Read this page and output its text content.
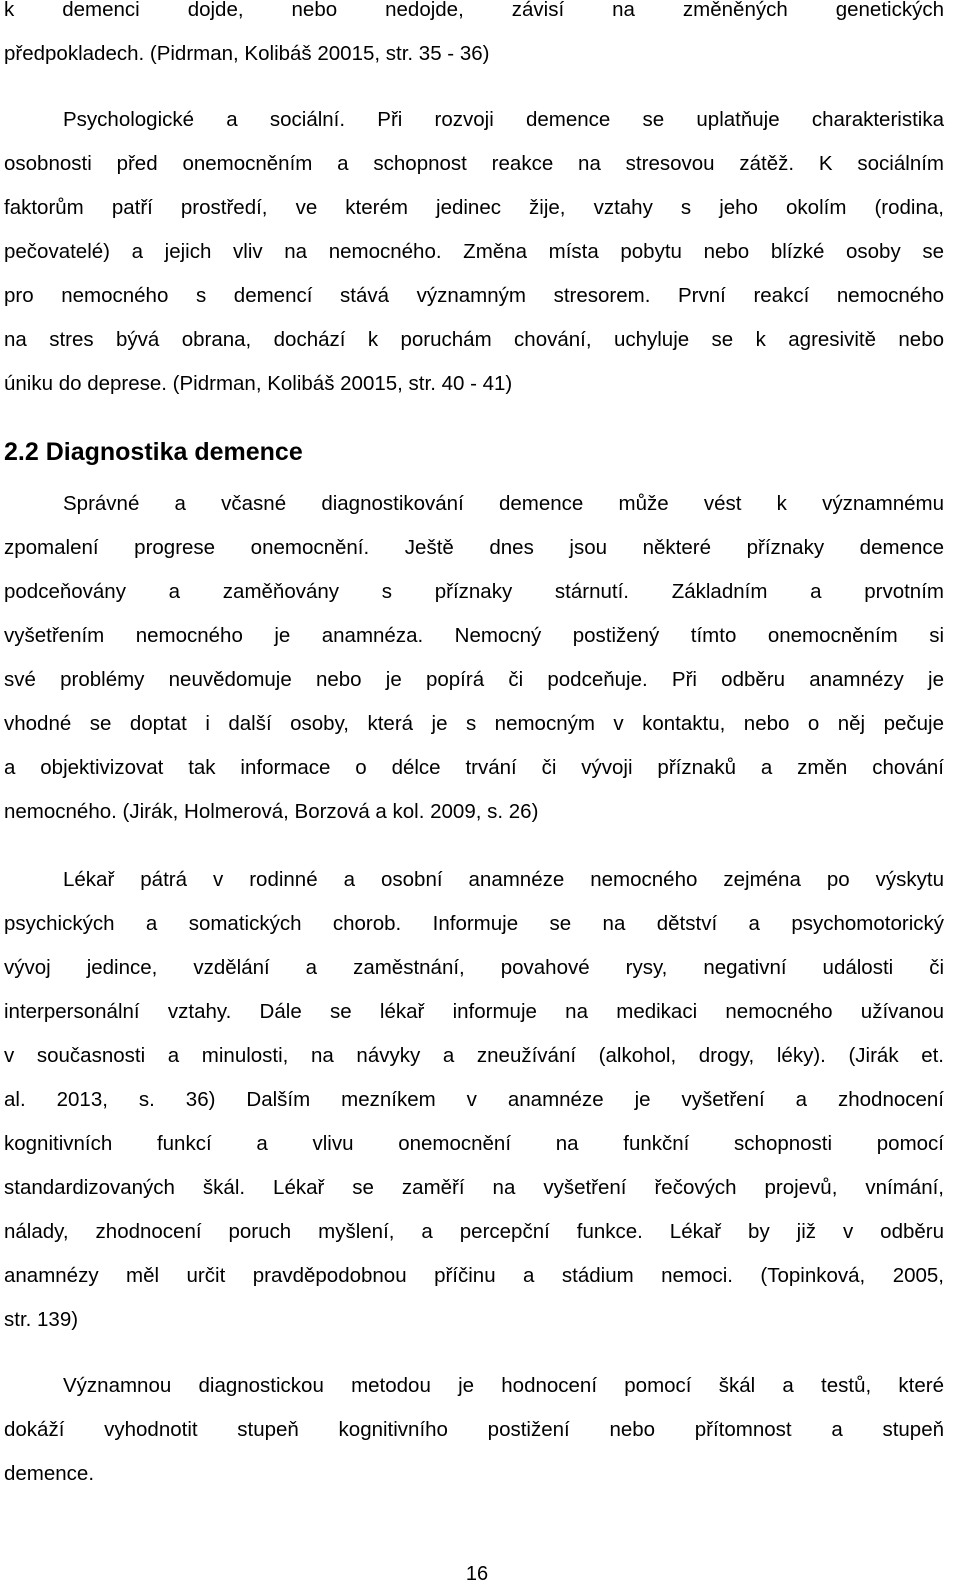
k demenci dojde, nebo nedojde, závisí na změněných genetických
předpokladech. (Pidrman, Kolibáš 20015, str. 35 - 36)
Psychologické a sociální. Při rozvoji demence se uplatňuje charakteristika
osobnosti před onemocněním a schopnost reakce na stresovou zátěž. K sociálním
faktorům patří prostředí, ve kterém jedinec žije, vztahy s jeho okolím (rodina,
pečovatelé) a jejich vliv na nemocného. Změna místa pobytu nebo blízké osoby se
pro nemocného s demencí stává významným stresorem. První reakcí nemocného
na stres bývá obrana, dochází k poruchám chování, uchyluje se k agresivitě nebo
úniku do deprese. (Pidrman, Kolibáš 20015, str. 40 - 41)
2.2 Diagnostika demence
Správné a včasné diagnostikování demence může vést k významnému
zpomalení progrese onemocnění. Ještě dnes jsou některé příznaky demence
podceňovány a zaměňovány s příznaky stárnutí. Základním a prvotním
vyšetřením nemocného je anamnéza. Nemocný postižený tímto onemocněním si
své problémy neuvědomuje nebo je popírá či podceňuje. Při odběru anamnézy je
vhodné se doptat i další osoby, která je s nemocným v kontaktu, nebo o něj pečuje
a objektivizovat tak informace o délce trvání či vývoji příznaků a změn chování
nemocného. (Jirák, Holmerová, Borzová a kol. 2009, s. 26)
Lékař pátrá v rodinné a osobní anamnéze nemocného zejména po výskytu
psychických a somatických chorob. Informuje se na dětství a psychomotorický
vývoj jedince, vzdělání a zaměstnání, povahové rysy, negativní události či
interpersonální vztahy. Dále se lékař informuje na medikaci nemocného užívanou
v současnosti a minulosti, na návyky a zneužívání (alkohol, drogy, léky). (Jirák et.
al. 2013, s. 36) Dalším mezníkem v anamnéze je vyšetření a zhodnocení
kognitivních funkcí a vlivu onemocnění na funkční schopnosti pomocí
standardizovaných škál. Lékař se zaměří na vyšetření řečových projevů, vnímání,
nálady, zhodnocení poruch myšlení, a percepční funkce. Lékař by již v odběru
anamnézy měl určit pravděpodobnou příčinu a stádium nemoci. (Topinková, 2005,
str. 139)
Významnou diagnostickou metodou je hodnocení pomocí škál a testů, které
dokáží vyhodnotit stupeň kognitivního postižení nebo přítomnost a stupeň
demence.
16
